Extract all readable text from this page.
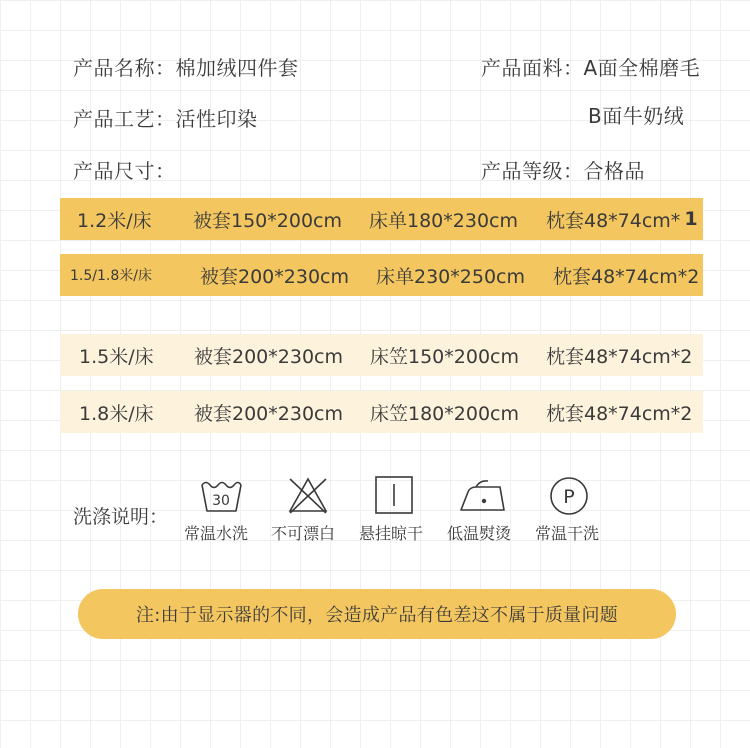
产品名称：棉加绒四件套	产品面料：A面全棉磨毛
产品工艺：活性印染	B面牛奶绒
产品尺寸：	产品等级：合格品
1.2米/床 被套150*200cm 床单180*230cm 枕套48*74cm* 1
1.5/1.8米/床	被套200*230cm 床单230*250cm 枕套48*74cm*2
1.5米/床 被套200*230cm 床笠150*200cm 枕套48*74cm*2
1.8米/床 被套200*230cm 床笠180*200cm 枕套48*74cm*2
洗涤说明：
30
常温水洗 不可漂白 悬挂晾干 低温熨烫
P
常温干洗
注:由于显示器的不同，会造成产品有色差这不属于质量问题
